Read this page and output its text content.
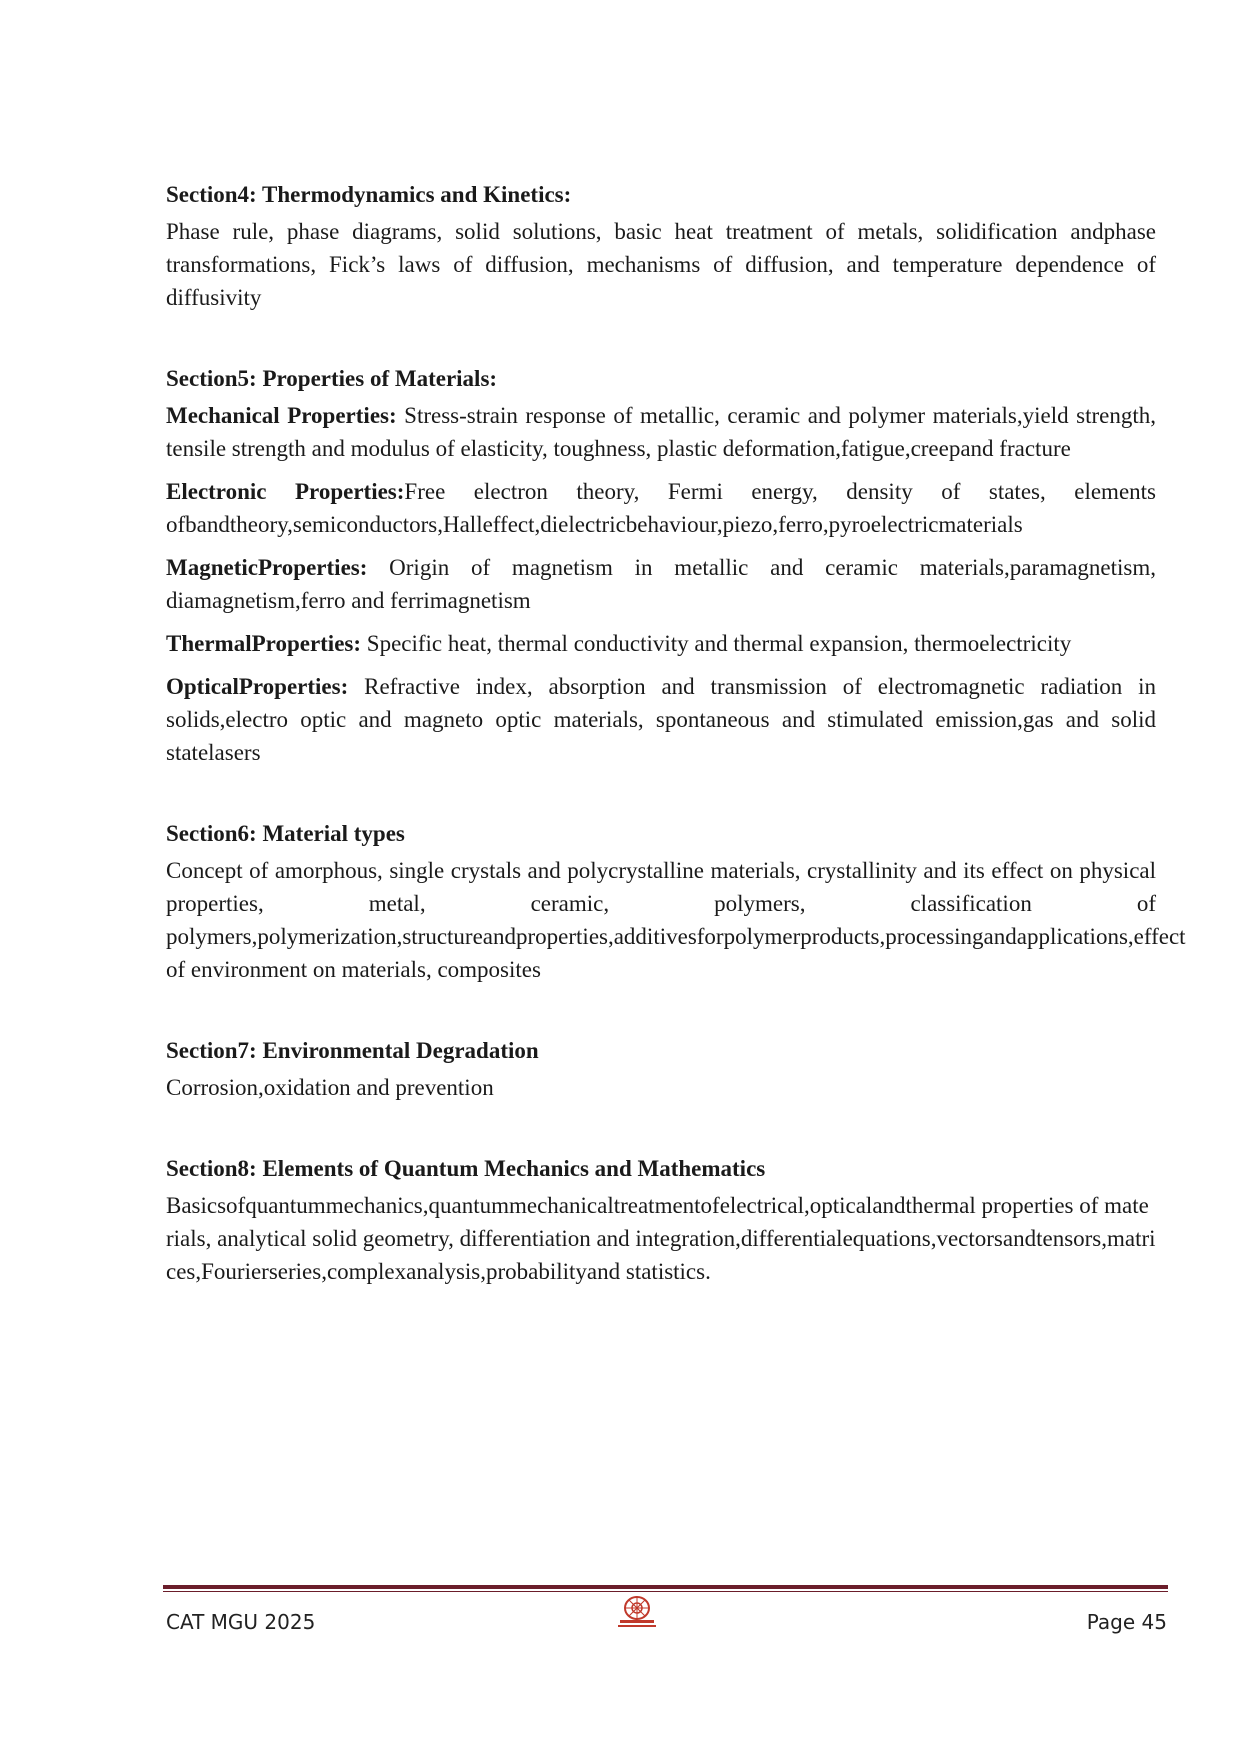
Section4: Thermodynamics and Kinetics:
Phase rule, phase diagrams, solid solutions, basic heat treatment of metals, solidification andphase transformations, Fick’s laws of diffusion, mechanisms of diffusion, and temperature dependence of diffusivity
Section5: Properties of Materials:
Mechanical Properties: Stress-strain response of metallic, ceramic and polymer materials,yield strength, tensile strength and modulus of elasticity, toughness, plastic deformation,fatigue,creepand fracture
Electronic Properties:Free electron theory, Fermi energy, density of states, elements ofbandtheory,semiconductors,Halleffect,dielectricbehaviour,piezo,ferro,pyroelectricmaterials
MagneticProperties: Origin of magnetism in metallic and ceramic materials,paramagnetism, diamagnetism,ferro and ferrimagnetism
ThermalProperties: Specific heat, thermal conductivity and thermal expansion, thermoelectricity
OpticalProperties: Refractive index, absorption and transmission of electromagnetic radiation in solids,electro optic and magneto optic materials, spontaneous and stimulated emission,gas and solid statelasers
Section6: Material types
Concept of amorphous, single crystals and polycrystalline materials, crystallinity and its effect on physical properties, metal, ceramic, polymers, classification of polymers,polymerization,structureandproperties,additivesforpolymerproducts,processingandapplications,effect of environment on materials, composites
Section7: Environmental Degradation
Corrosion,oxidation and prevention
Section8: Elements of Quantum Mechanics and Mathematics
Basicsofquantummechanics,quantummechanicaltreatmentofelectrical,opticalandthermal properties of materials, analytical solid geometry, differentiation and integration,differentialequations,vectorsandtensors,matrices,Fourierseries,complexanalysis,probabilityand statistics.
CAT MGU 2025	Page 45
